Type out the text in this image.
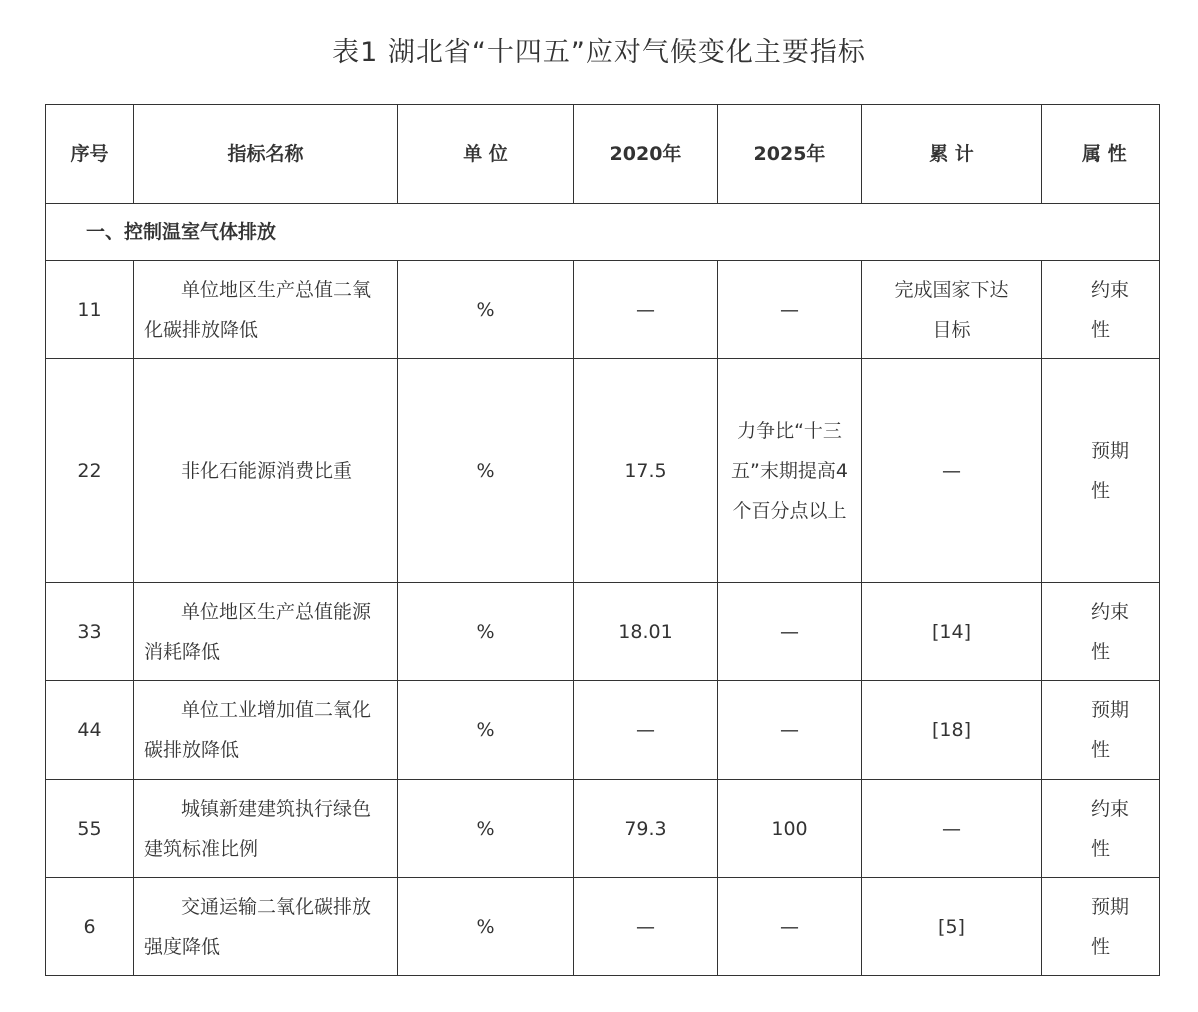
表1 湖北省“十四五”应对气候变化主要指标
序号	指标名称	单 位	2020年	2025年	累 计	属 性
一、控制温室气体排放						
11	单位地区生产总值二氧化碳排放降低	%	—	—	完成国家下达目标	约束性
22	非化石能源消费比重	%	17.5	力争比“十三五”末期提高4个百分点以上	—	预期性
33	单位地区生产总值能源消耗降低	%	18.01	—	[14]	约束性
44	单位工业增加值二氧化碳排放降低	%	—	—	[18]	预期性
55	城镇新建建筑执行绿色建筑标准比例	%	79.3	100	—	约束性
6	交通运输二氧化碳排放强度降低	%	—	—	[5]	预期性
